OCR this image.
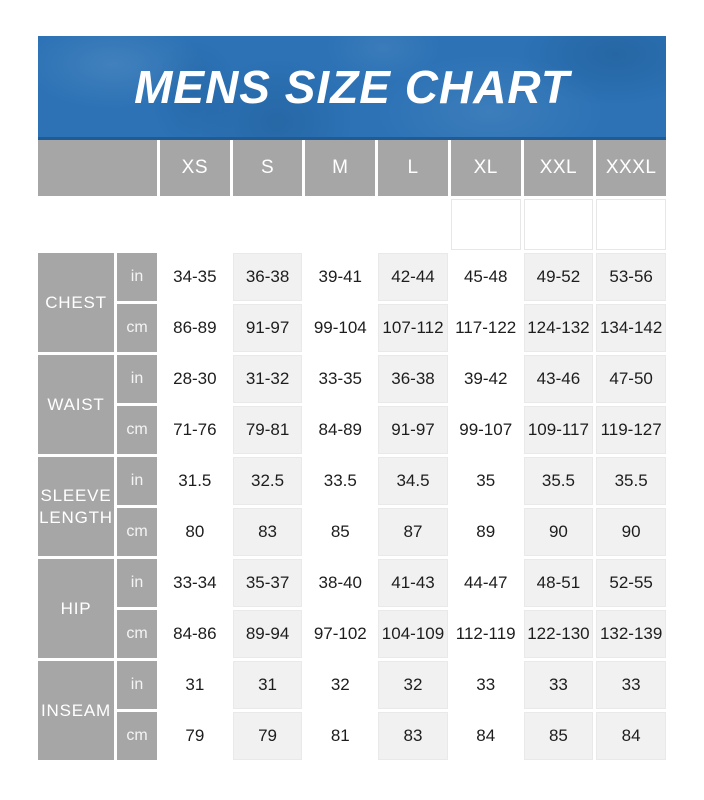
MENS SIZE CHART
XS	S	M	L	XL	XXL	XXXL
CHEST
in	34-35	36-38	39-41	42-44	45-48	49-52	53-56
cm	86-89	91-97	99-104 107-112 117-122 124-132 134-142
WAIST
in	28-30	31-32	33-35	36-38	39-42	43-46	47-50
cm	71-76	79-81	84-89	91-97	99-107 109-117 119-127
SLEEVE LENGTH
in	31.5	32.5	33.5	34.5	35	35.5	35.5
cm	80	83	85	87	89	90	90
HIP
in	33-34	35-37	38-40	41-43	44-47	48-51	52-55
cm	84-86	89-94	97-102 104-109 112-119 122-130 132-139
INSEAM
in	31	31	32	32	33	33	33
cm	79	79	81	83	84	85	84
